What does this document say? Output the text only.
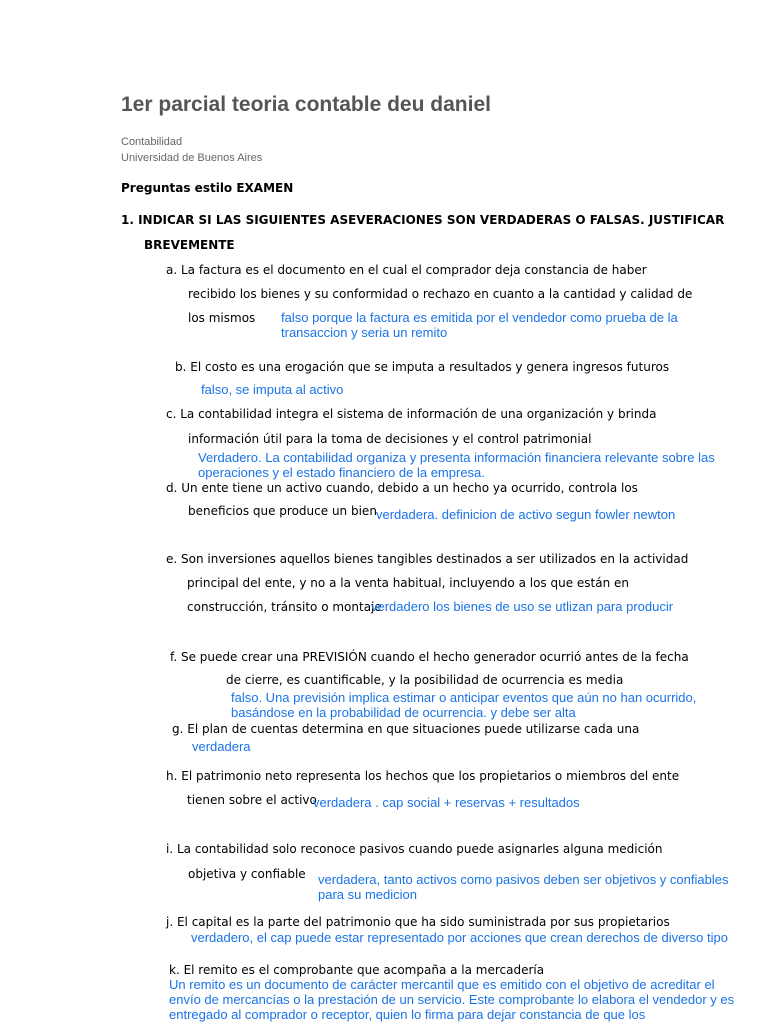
1er parcial teoria contable deu daniel
Contabilidad
Universidad de Buenos Aires
Preguntas estilo EXAMEN
1. INDICAR SI LAS SIGUIENTES ASEVERACIONES SON VERDADERAS O FALSAS. JUSTIFICAR
BREVEMENTE
a. La factura es el documento en el cual el comprador deja constancia de haber
recibido los bienes y su conformidad o rechazo en cuanto a la cantidad y calidad de
los mismos falso porque la factura es emitida por el vendedor como prueba de la transaccion y seria un remito
b. El costo es una erogación que se imputa a resultados y genera ingresos futuros
falso, se imputa al activo
c. La contabilidad integra el sistema de información de una organización y brinda
información útil para la toma de decisiones y el control patrimonial
Verdadero. La contabilidad organiza y presenta información financiera relevante sobre las operaciones y el estado financiero de la empresa.
d. Un ente tiene un activo cuando, debido a un hecho ya ocurrido, controla los
beneficios que produce un bien verdadera. definicion de activo segun fowler newton
e. Son inversiones aquellos bienes tangibles destinados a ser utilizados en la actividad
principal del ente, y no a la venta habitual, incluyendo a los que están en
construcción, tránsito o montaje
verdadero los bienes de uso se utlizan para producir
f. Se puede crear una PREVISIÓN cuando el hecho generador ocurrió antes de la fecha
de cierre, es cuantificable, y la posibilidad de ocurrencia es media
falso. Una previsión implica estimar o anticipar eventos que aún no han ocurrido, basándose en la probabilidad de ocurrencia. y debe ser alta
g. El plan de cuentas determina en que situaciones puede utilizarse cada una
verdadera
h. El patrimonio neto representa los hechos que los propietarios o miembros del ente
tienen sobre el activo
verdadera . cap social + reservas + resultados
i. La contabilidad solo reconoce pasivos cuando puede asignarles alguna medición
objetiva y confiable verdadera, tanto activos como pasivos deben ser objetivos y confiables para su medicion
j. El capital es la parte del patrimonio que ha sido suministrada por sus propietarios
verdadero, el cap puede estar representado por acciones que crean derechos de diverso tipo
k. El remito es el comprobante que acompaña a la mercadería
Un remito es un documento de carácter mercantil que es emitido con el objetivo de acreditar el envío de mercancías o la prestación de un servicio. Este comprobante lo elabora el vendedor y es entregado al comprador o receptor, quien lo firma para dejar constancia de que los
